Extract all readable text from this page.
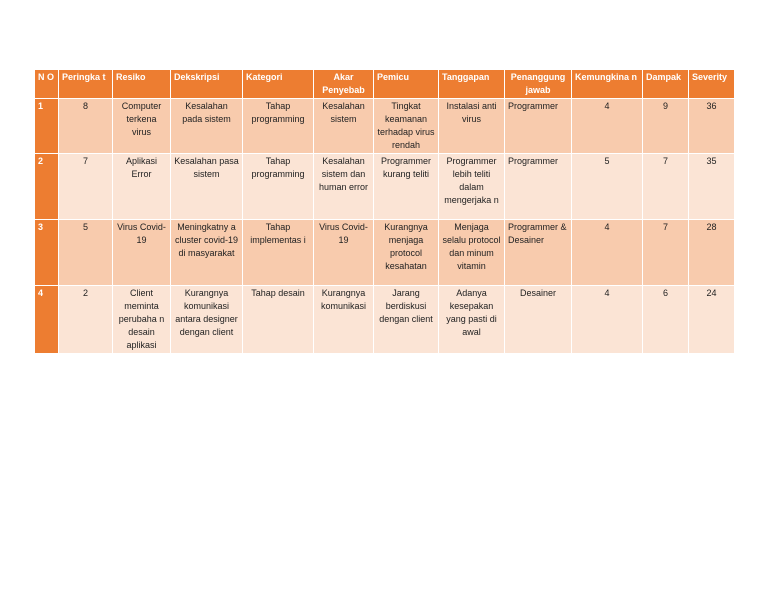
N O	Peringka t	Resiko	Dekskripsi	Kategori	Akar Penyebab	Pemicu	Tanggapan	Penanggung jawab	Kemungkina n	Dampak	Severity
1	8	Computer terkena virus	Kesalahan pada sistem	Tahap programming	Kesalahan sistem	Tingkat keamanan terhadap virus rendah	Instalasi anti virus	Programmer	4	9	36
2	7	Aplikasi Error	Kesalahan pasa sistem	Tahap programming	Kesalahan sistem dan human error	Programmer kurang teliti	Programmer lebih teliti dalam mengerjaka n	Programmer	5	7	35
3	5	Virus Covid-19	Meningkatny a cluster covid-19 di masyarakat	Tahap implementas i	Virus Covid-19	Kurangnya menjaga protocol kesahatan	Menjaga selalu protocol dan minum vitamin	Programmer & Desainer	4	7	28
4	2	Client meminta perubaha n desain aplikasi	Kurangnya komunikasi antara designer dengan client	Tahap desain	Kurangnya komunikasi	Jarang berdiskusi dengan client	Adanya kesepakan yang pasti di awal	Desainer	4	6	24
